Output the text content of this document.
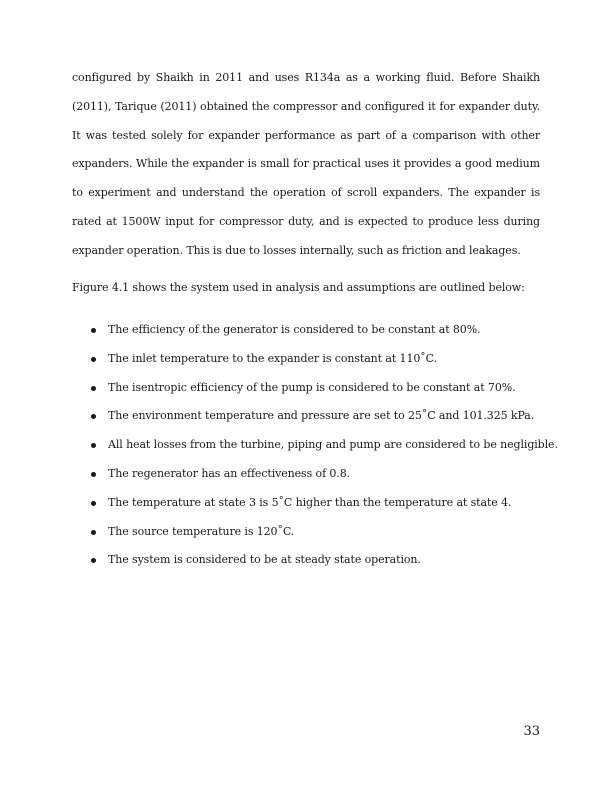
configured by Shaikh in 2011 and uses R134a as a working fluid. Before Shaikh (2011), Tarique (2011) obtained the compressor and configured it for expander duty. It was tested solely for expander performance as part of a comparison with other expanders. While the expander is small for practical uses it provides a good medium to experiment and understand the operation of scroll expanders. The expander is rated at 1500W input for compressor duty, and is expected to produce less during expander operation. This is due to losses internally, such as friction and leakages.

Figure 4.1 shows the system used in analysis and assumptions are outlined below:

The efficiency of the generator is considered to be constant at 80%.
The inlet temperature to the expander is constant at 110˚C.
The isentropic efficiency of the pump is considered to be constant at 70%.
The environment temperature and pressure are set to 25˚C and 101.325 kPa.
All heat losses from the turbine, piping and pump are considered to be negligible.
The regenerator has an effectiveness of 0.8.
The temperature at state 3 is 5˚C higher than the temperature at state 4.
The source temperature is 120˚C.
The system is considered to be at steady state operation.
33
